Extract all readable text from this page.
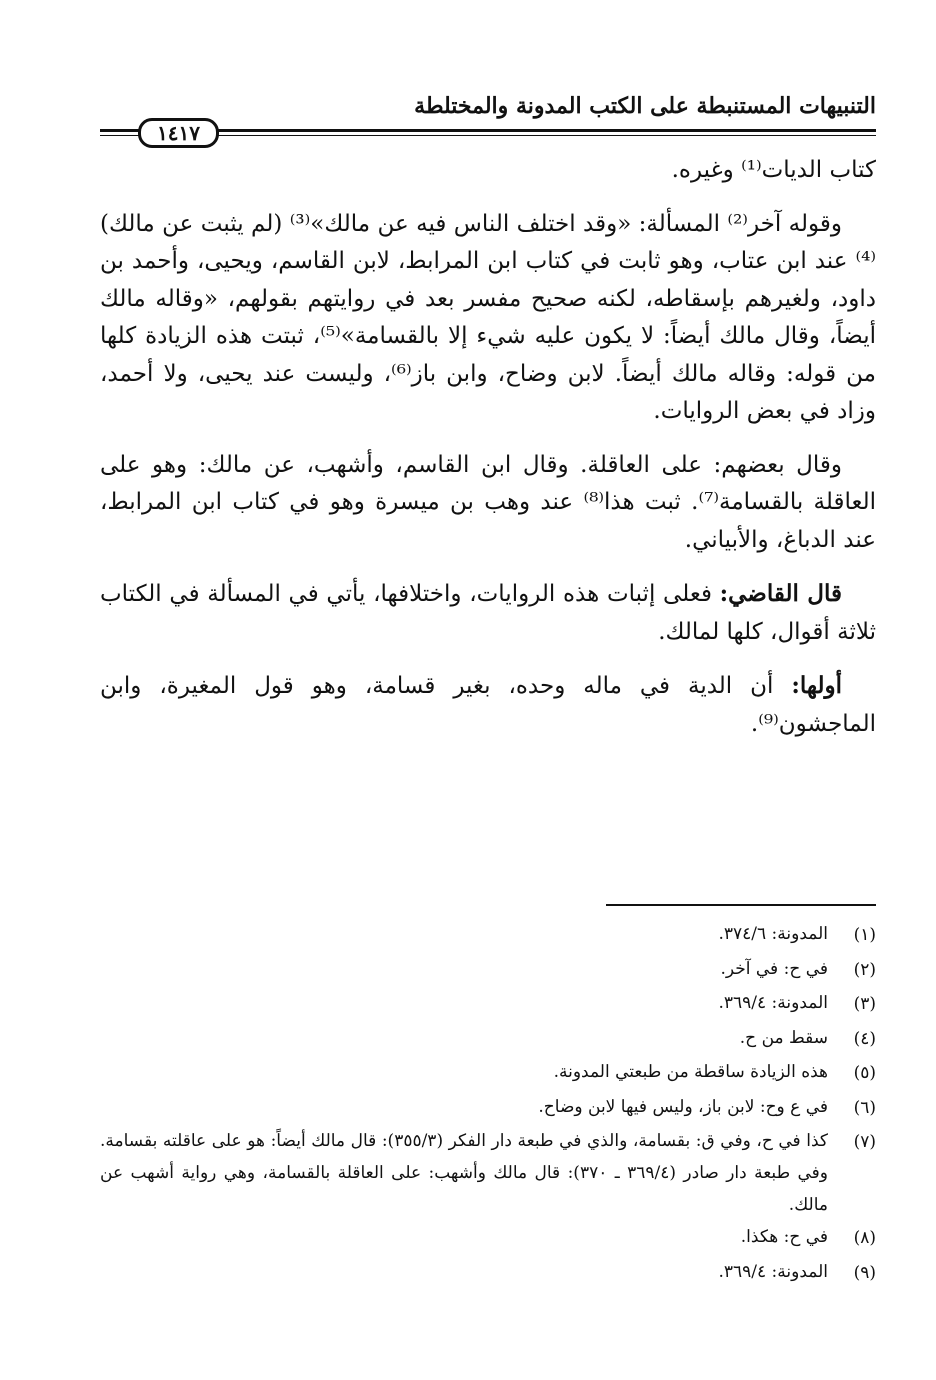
التنبيهات المستنبطة على الكتب المدونة والمختلطة
١٤١٧

كتاب الديات⁽¹⁾ وغيره.

وقوله آخر⁽²⁾ المسألة: «وقد اختلف الناس فيه عن مالك»⁽³⁾ (لم يثبت عن مالك)⁽⁴⁾ عند ابن عتاب، وهو ثابت في كتاب ابن المرابط، لابن القاسم، ويحيى، وأحمد بن داود، ولغيرهم بإسقاطه، لكنه صحيح مفسر بعد في روايتهم بقولهم، «وقاله مالك أيضاً، وقال مالك أيضاً: لا يكون عليه شيء إلا بالقسامة»⁽⁵⁾، ثبتت هذه الزيادة كلها من قوله: وقاله مالك أيضاً. لابن وضاح، وابن باز⁽⁶⁾، وليست عند يحيى، ولا أحمد، وزاد في بعض الروايات.

وقال بعضهم: على العاقلة. وقال ابن القاسم، وأشهب، عن مالك: وهو على العاقلة بالقسامة⁽⁷⁾. ثبت هذا⁽⁸⁾ عند وهب بن ميسرة وهو في كتاب ابن المرابط، عند الدباغ، والأبياني.

قال القاضي: فعلى إثبات هذه الروايات، واختلافها، يأتي في المسألة في الكتاب ثلاثة أقوال، كلها لمالك.

أولها: أن الدية في ماله وحده، بغير قسامة، وهو قول المغيرة، وابن الماجشون⁽⁹⁾.

(١)
المدونة: ٣٧٤/٦.
(٢)
في ح: في آخر.
(٣)
المدونة: ٣٦٩/٤.
(٤)
سقط من ح.
(٥)
هذه الزيادة ساقطة من طبعتي المدونة.
(٦)
في ع وح: لابن باز، وليس فيها لابن وضاح.
(٧)
كذا في ح، وفي ق: بقسامة، والذي في طبعة دار الفكر (٣٥٥/٣): قال مالك أيضاً: هو على عاقلته بقسامة. وفي طبعة دار صادر (٣٦٩/٤ ـ ٣٧٠): قال مالك وأشهب: على العاقلة بالقسامة، وهي رواية أشهب عن مالك.
(٨)
في ح: هكذا.
(٩)
المدونة: ٣٦٩/٤.
